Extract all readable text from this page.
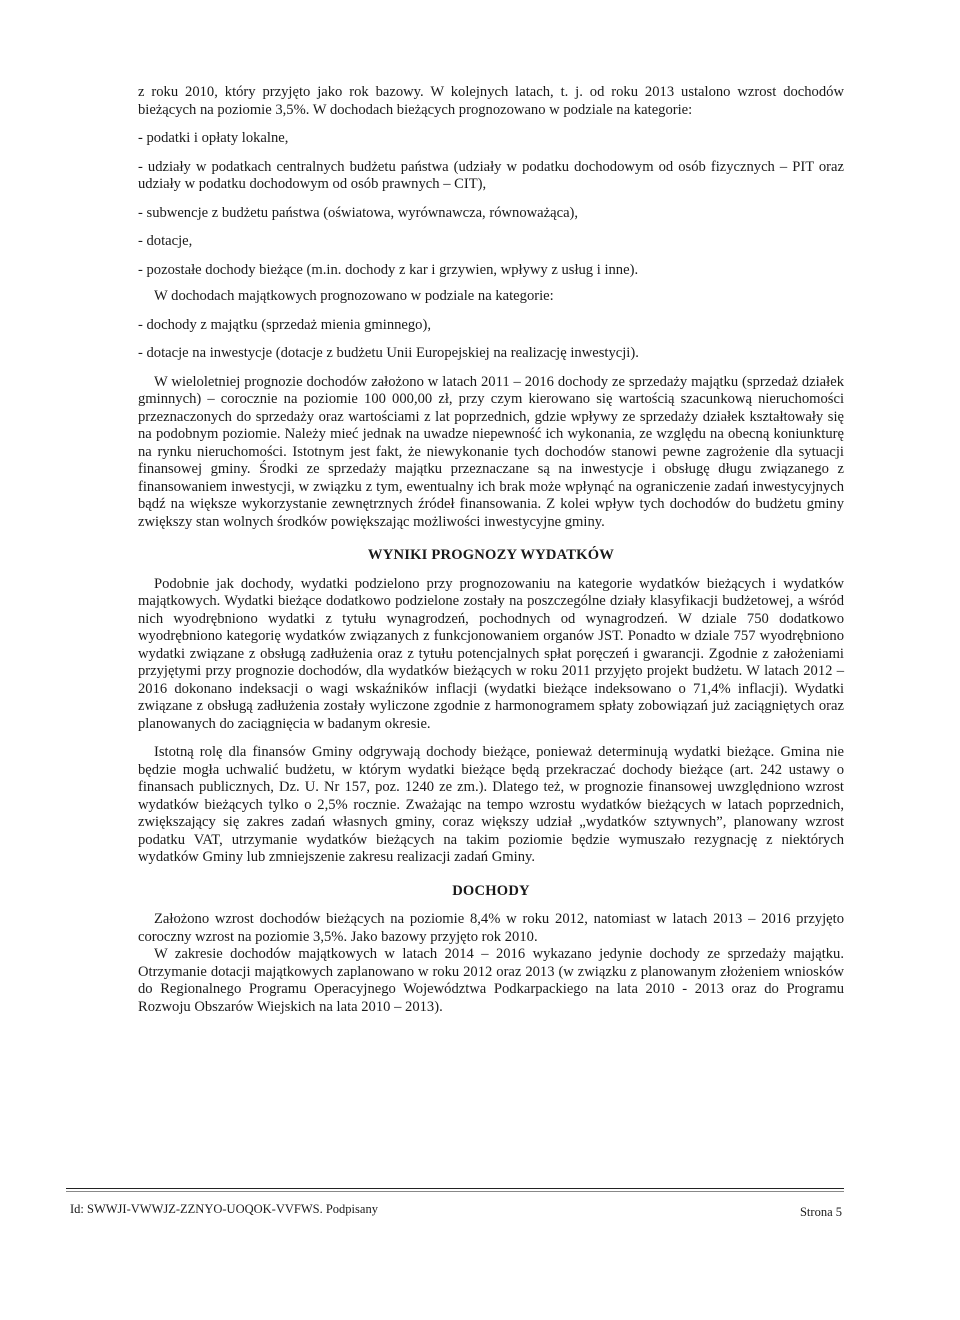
z roku 2010, który przyjęto jako rok bazowy. W kolejnych latach, t. j. od roku 2013 ustalono wzrost dochodów bieżących na poziomie 3,5%. W dochodach bieżących prognozowano w podziale na kategorie:

- podatki i opłaty lokalne,

- udziały w podatkach centralnych budżetu państwa (udziały w podatku dochodowym od osób fizycznych – PIT oraz udziały w podatku dochodowym od osób prawnych – CIT),

- subwencje z budżetu państwa (oświatowa, wyrównawcza, równoważąca),

- dotacje,

- pozostałe dochody bieżące (m.in. dochody z kar i grzywien, wpływy z usług i inne).

W dochodach majątkowych prognozowano w podziale na kategorie:

- dochody z majątku (sprzedaż mienia gminnego),

- dotacje na inwestycje (dotacje z budżetu Unii Europejskiej na realizację inwestycji).

W wieloletniej prognozie dochodów założono w latach 2011 – 2016 dochody ze sprzedaży majątku (sprzedaż działek gminnych) – corocznie na poziomie 100 000,00 zł, przy czym kierowano się wartością szacunkową nieruchomości przeznaczonych do sprzedaży oraz wartościami z lat poprzednich, gdzie wpływy ze sprzedaży działek kształtowały się na podobnym poziomie. Należy mieć jednak na uwadze niepewność ich wykonania, ze względu na obecną koniunkturę na rynku nieruchomości. Istotnym jest fakt, że niewykonanie tych dochodów stanowi pewne zagrożenie dla sytuacji finansowej gminy. Środki ze sprzedaży majątku przeznaczane są na inwestycje i obsługę długu związanego z finansowaniem inwestycji, w związku z tym, ewentualny ich brak może wpłynąć na ograniczenie zadań inwestycyjnych bądź na większe wykorzystanie zewnętrznych źródeł finansowania. Z kolei wpływ tych dochodów do budżetu gminy zwiększy stan wolnych środków powiększając możliwości inwestycyjne gminy.

WYNIKI PROGNOZY WYDATKÓW

Podobnie jak dochody, wydatki podzielono przy prognozowaniu na kategorie wydatków bieżących i wydatków majątkowych. Wydatki bieżące dodatkowo podzielone zostały na poszczególne działy klasyfikacji budżetowej, a wśród nich wyodrębniono wydatki z tytułu wynagrodzeń, pochodnych od wynagrodzeń. W dziale 750 dodatkowo wyodrębniono kategorię wydatków związanych z funkcjonowaniem organów JST. Ponadto w dziale 757 wyodrębniono wydatki związane z obsługą zadłużenia oraz z tytułu potencjalnych spłat poręczeń i gwarancji. Zgodnie z założeniami przyjętymi przy prognozie dochodów, dla wydatków bieżących w roku 2011 przyjęto projekt budżetu. W latach 2012 – 2016 dokonano indeksacji o wagi wskaźników inflacji (wydatki bieżące indeksowano o 71,4% inflacji). Wydatki związane z obsługą zadłużenia zostały wyliczone zgodnie z harmonogramem spłaty zobowiązań już zaciągniętych oraz planowanych do zaciągnięcia w badanym okresie.

Istotną rolę dla finansów Gminy odgrywają dochody bieżące, ponieważ determinują wydatki bieżące. Gmina nie będzie mogła uchwalić budżetu, w którym wydatki bieżące będą przekraczać dochody bieżące (art. 242 ustawy o finansach publicznych, Dz. U. Nr 157, poz. 1240 ze zm.). Dlatego też, w prognozie finansowej uwzględniono wzrost wydatków bieżących tylko o 2,5% rocznie. Zważając na tempo wzrostu wydatków bieżących w latach poprzednich, zwiększający się zakres zadań własnych gminy, coraz większy udział „wydatków sztywnych”, planowany wzrost podatku VAT, utrzymanie wydatków bieżących na takim poziomie będzie wymuszało rezygnację z niektórych wydatków Gminy lub zmniejszenie zakresu realizacji zadań Gminy.

DOCHODY

Założono wzrost dochodów bieżących na poziomie 8,4% w roku 2012, natomiast w latach 2013 – 2016 przyjęto coroczny wzrost na poziomie 3,5%. Jako bazowy przyjęto rok 2010.

W zakresie dochodów majątkowych w latach 2014 – 2016 wykazano jedynie dochody ze sprzedaży majątku. Otrzymanie dotacji majątkowych zaplanowano w roku 2012 oraz 2013 (w związku z planowanym złożeniem wniosków do Regionalnego Programu Operacyjnego Województwa Podkarpackiego na lata 2010 - 2013 oraz do Programu Rozwoju Obszarów Wiejskich na lata 2010 – 2013).

Id: SWWJI-VWWJZ-ZZNYO-UOQOK-VVFWS. Podpisany	Strona 5
